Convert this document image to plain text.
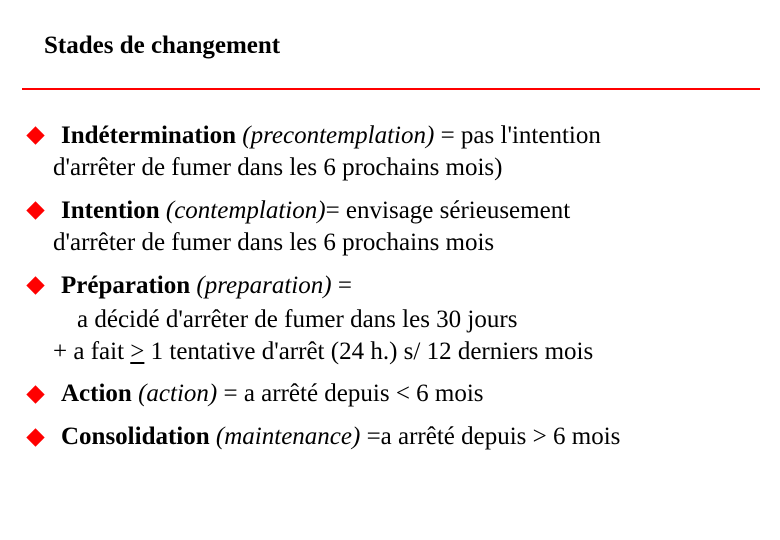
Stades de changement
Indétermination (precontemplation) = pas l'intention
d'arrêter de fumer dans les 6 prochains mois)
Intention (contemplation)= envisage sérieusement
d'arrêter de fumer dans les 6 prochains mois
Préparation (preparation) =
a décidé d'arrêter de fumer dans les 30 jours
+ a fait ≥ 1 tentative d'arrêt (24 h.) s/ 12 derniers mois
Action (action) = a arrêté depuis < 6 mois
Consolidation (maintenance) =a arrêté depuis > 6 mois
